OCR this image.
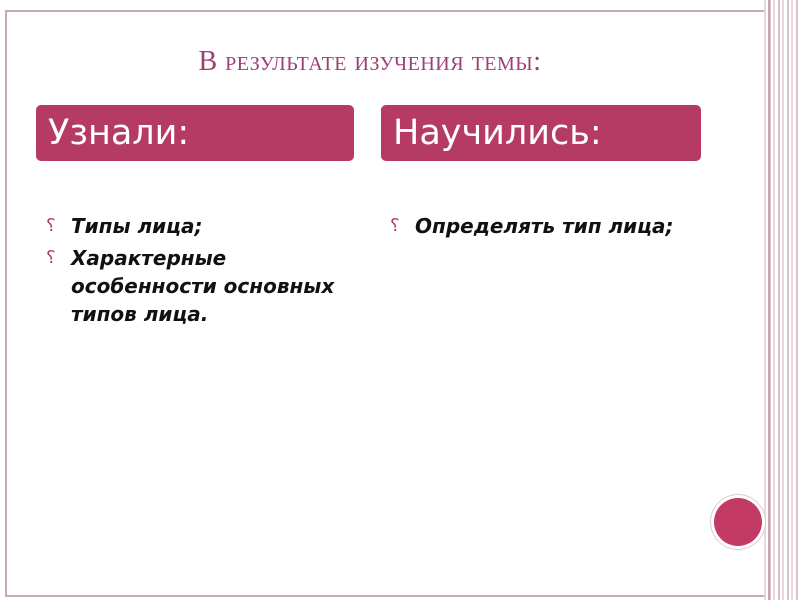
В результате изучения темы:
Узнали:	Научились:
⸮ Типы лица;
⸮ Характерные особенности основных типов лица.
⸮ Определять тип лица;
